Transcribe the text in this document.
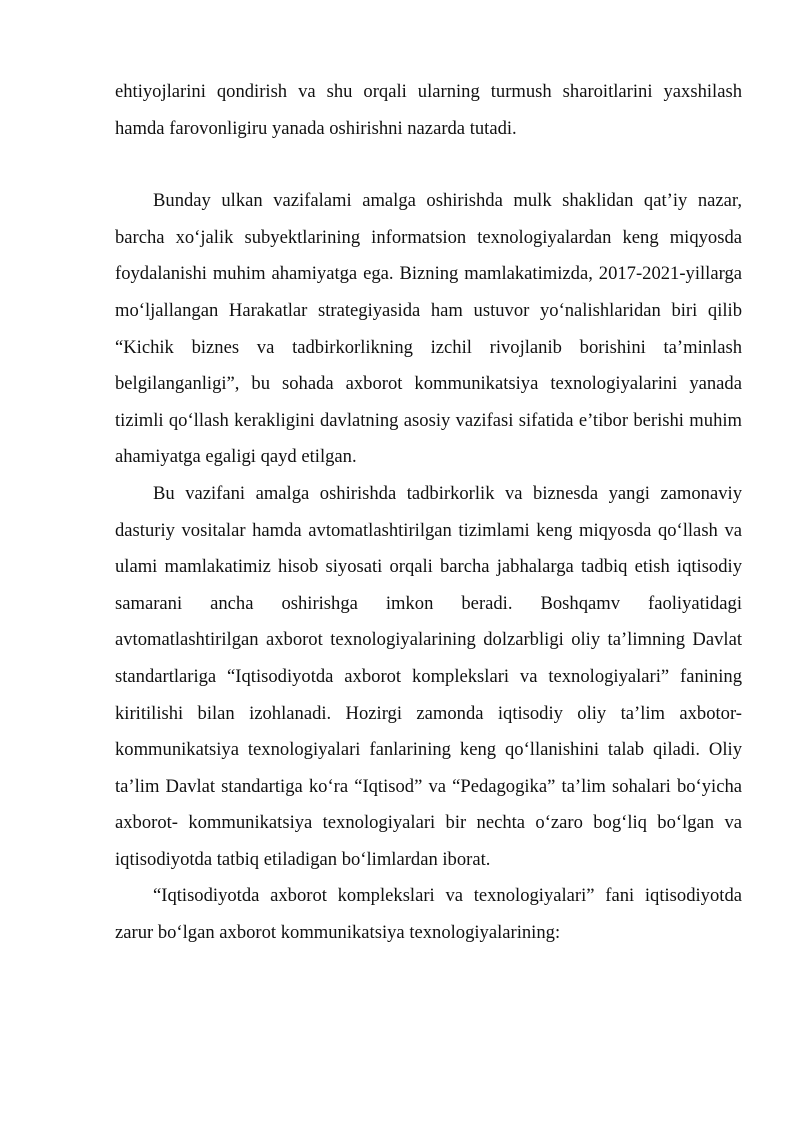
ehtiyojlarini qondirish va shu orqali ularning turmush sharoitlarini yaxshilash hamda farovonligiru yanada oshirishni nazarda tutadi.

Bunday ulkan vazifalami amalga oshirishda mulk shaklidan qat’iy nazar, barcha xo‘jalik subyektlarining informatsion texnologiyalardan keng miqyosda foydalanishi muhim ahamiyatga ega. Bizning mamlakatimizda, 2017-2021-yillarga mo‘ljallangan Harakatlar strategiyasida ham ustuvor yo‘nalishlaridan biri qilib “Kichik biznes va tadbirkorlikning izchil rivojlanib borishini ta’minlash belgilanganligi”, bu sohada axborot kommunikatsiya texnologiyalarini yanada tizimli qo‘llash kerakligini davlatning asosiy vazifasi sifatida e’tibor berishi muhim ahamiyatga egaligi qayd etilgan.

Bu vazifani amalga oshirishda tadbirkorlik va biznesda yangi zamonaviy dasturiy vositalar hamda avtomatlashtirilgan tizimlami keng miqyosda qo‘llash va ulami mamlakatimiz hisob siyosati orqali barcha jabhalarga tadbiq etish iqtisodiy samarani ancha oshirishga imkon beradi. Boshqamv faoliyatidagi avtomatlashtirilgan axborot texnologiyalarining dolzarbligi oliy ta’limning Davlat standartlariga “Iqtisodiyotda axborot komplekslari va texnologiyalari” fanining kiritilishi bilan izohlanadi. Hozirgi zamonda iqtisodiy oliy ta’lim axbotor- kommunikatsiya texnologiyalari fanlarining keng qo‘llanishini talab qiladi. Oliy ta’lim Davlat standartiga ko‘ra “Iqtisod” va “Pedagogika” ta’lim sohalari bo‘yicha axborot- kommunikatsiya texnologiyalari bir nechta o‘zaro bog‘liq bo‘lgan va iqtisodiyotda tatbiq etiladigan bo‘limlardan iborat.

“Iqtisodiyotda axborot komplekslari va texnologiyalari” fani iqtisodiyotda zarur bo‘lgan axborot kommunikatsiya texnologiyalarining:
